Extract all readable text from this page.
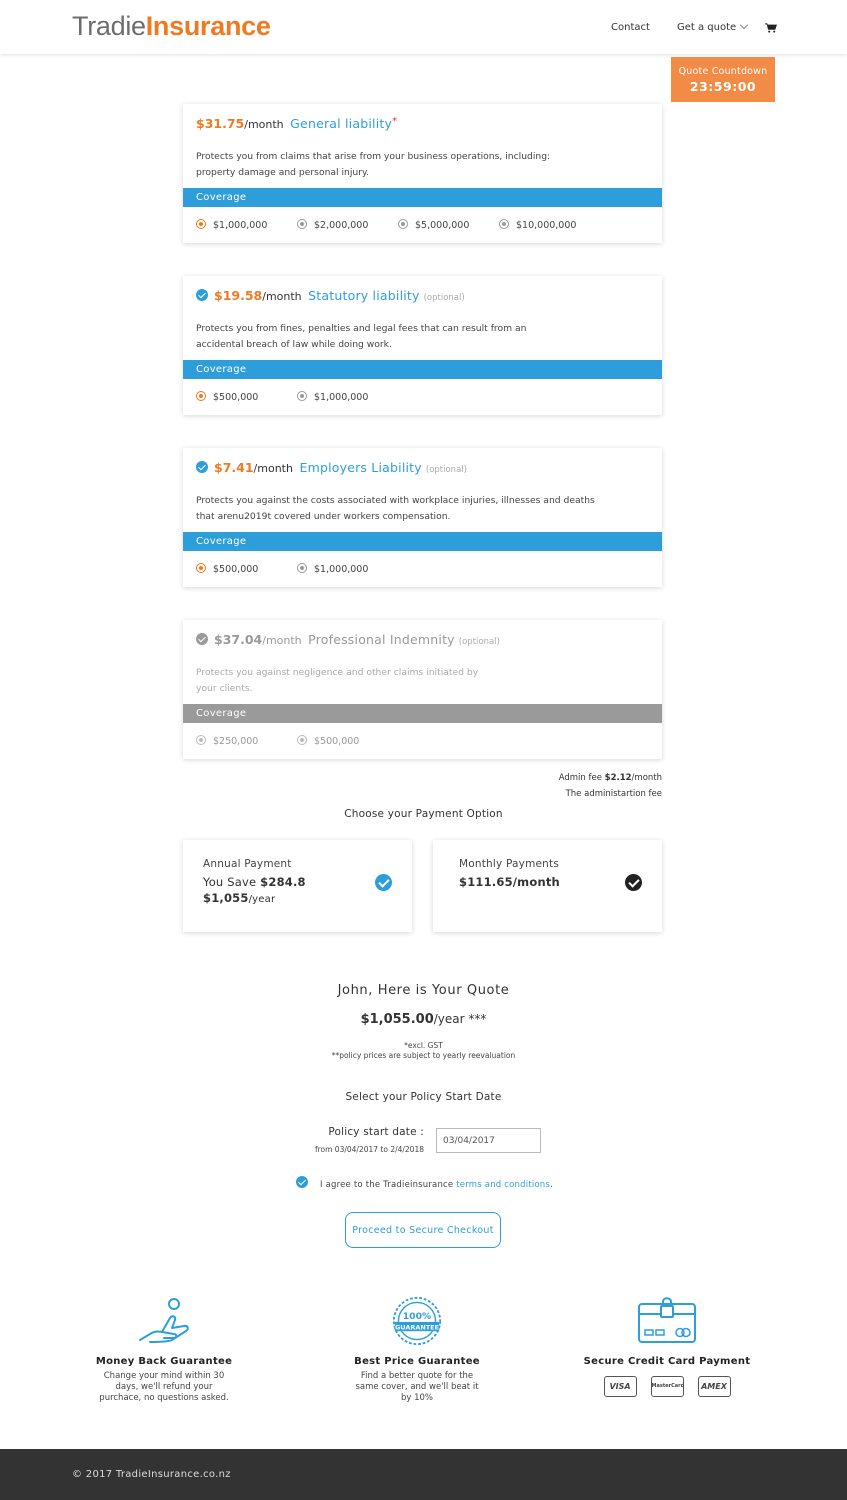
TradieInsurance	Contact	Get a quote
Quote Countdown
23:59:00
$31.75/month General liability*
Protects you from claims that arise from your business operations, including: property damage and personal injury.
Coverage
$1,000,000	$2,000,000	$5,000,000	$10,000,000
$19.58/month Statutory liability (optional)
Protects you from fines, penalties and legal fees that can result from an accidental breach of law while doing work.
Coverage
$500,000	$1,000,000
$7.41/month Employers Liability (optional)
Protects you against the costs associated with workplace injuries, illnesses and deaths that arenu2019t covered under workers compensation.
Coverage
$500,000	$1,000,000
$37.04/month Professional Indemnity (optional)
Protects you against negligence and other claims initiated by your clients.
Coverage
$250,000	$500,000
Admin fee $2.12/month
The administartion fee
Choose your Payment Option
Annual Payment
You Save $284.8
$1,055/year
Monthly Payments
$111.65/month
John, Here is Your Quote
$1,055.00/year ***
*excl. GST
**policy prices are subject to yearly reevaluation
Select your Policy Start Date
Policy start date :
from 03/04/2017 to 2/4/2018
03/04/2017
I agree to the Tradieinsurance terms and conditions.
Proceed to Secure Checkout
Money Back Guarantee
Change your mind within 30 days, we'll refund your purchace, no questions asked.
100%
GUARANTEE
Best Price Guarantee
Find a better quote for the same cover, and we'll beat it by 10%
Secure Credit Card Payment
VISA	MasterCard AMEX
© 2017 TradieInsurance.co.nz
